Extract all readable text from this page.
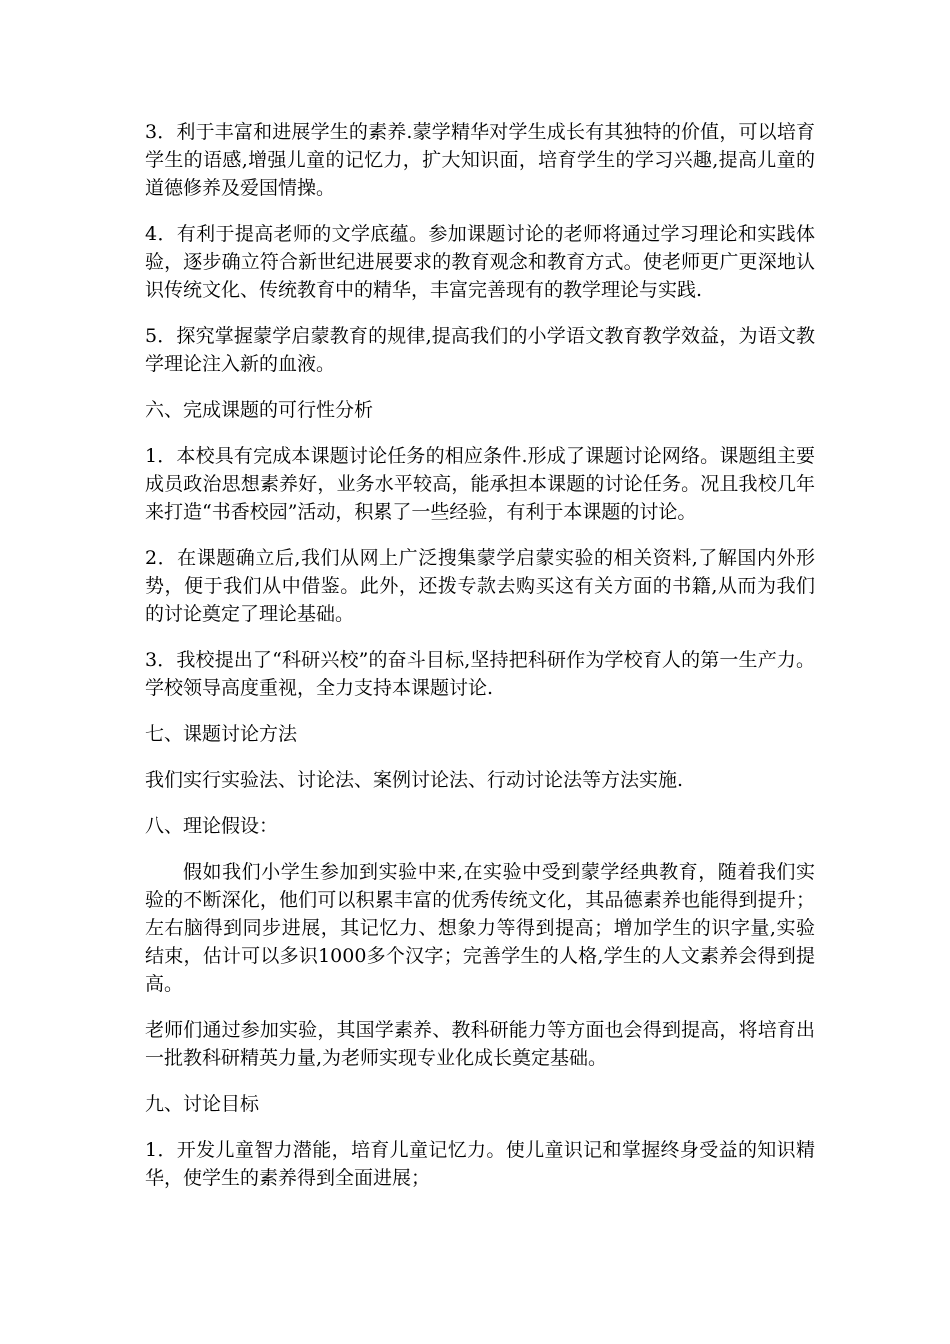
3．利于丰富和进展学生的素养.蒙学精华对学生成长有其独特的价值，可以培育学生的语感,增强儿童的记忆力，扩大知识面，培育学生的学习兴趣,提高儿童的道德修养及爱国情操。

4．有利于提高老师的文学底蕴。参加课题讨论的老师将通过学习理论和实践体验，逐步确立符合新世纪进展要求的教育观念和教育方式。使老师更广更深地认识传统文化、传统教育中的精华，丰富完善现有的教学理论与实践.

5．探究掌握蒙学启蒙教育的规律,提高我们的小学语文教育教学效益，为语文教学理论注入新的血液。

六、完成课题的可行性分析

1．本校具有完成本课题讨论任务的相应条件.形成了课题讨论网络。课题组主要成员政治思想素养好，业务水平较高，能承担本课题的讨论任务。况且我校几年来打造“书香校园”活动，积累了一些经验，有利于本课题的讨论。

2．在课题确立后,我们从网上广泛搜集蒙学启蒙实验的相关资料,了解国内外形势，便于我们从中借鉴。此外，还拨专款去购买这有关方面的书籍,从而为我们的讨论奠定了理论基础。

3．我校提出了“科研兴校”的奋斗目标,坚持把科研作为学校育人的第一生产力。学校领导高度重视，全力支持本课题讨论.

七、课题讨论方法

我们实行实验法、讨论法、案例讨论法、行动讨论法等方法实施.

八、理论假设：

假如我们小学生参加到实验中来,在实验中受到蒙学经典教育，随着我们实验的不断深化，他们可以积累丰富的优秀传统文化，其品德素养也能得到提升；左右脑得到同步进展，其记忆力、想象力等得到提高；增加学生的识字量,实验结束，估计可以多识1000多个汉字；完善学生的人格,学生的人文素养会得到提高。

老师们通过参加实验，其国学素养、教科研能力等方面也会得到提高，将培育出一批教科研精英力量,为老师实现专业化成长奠定基础。

九、讨论目标

1．开发儿童智力潜能，培育儿童记忆力。使儿童识记和掌握终身受益的知识精华，使学生的素养得到全面进展；
